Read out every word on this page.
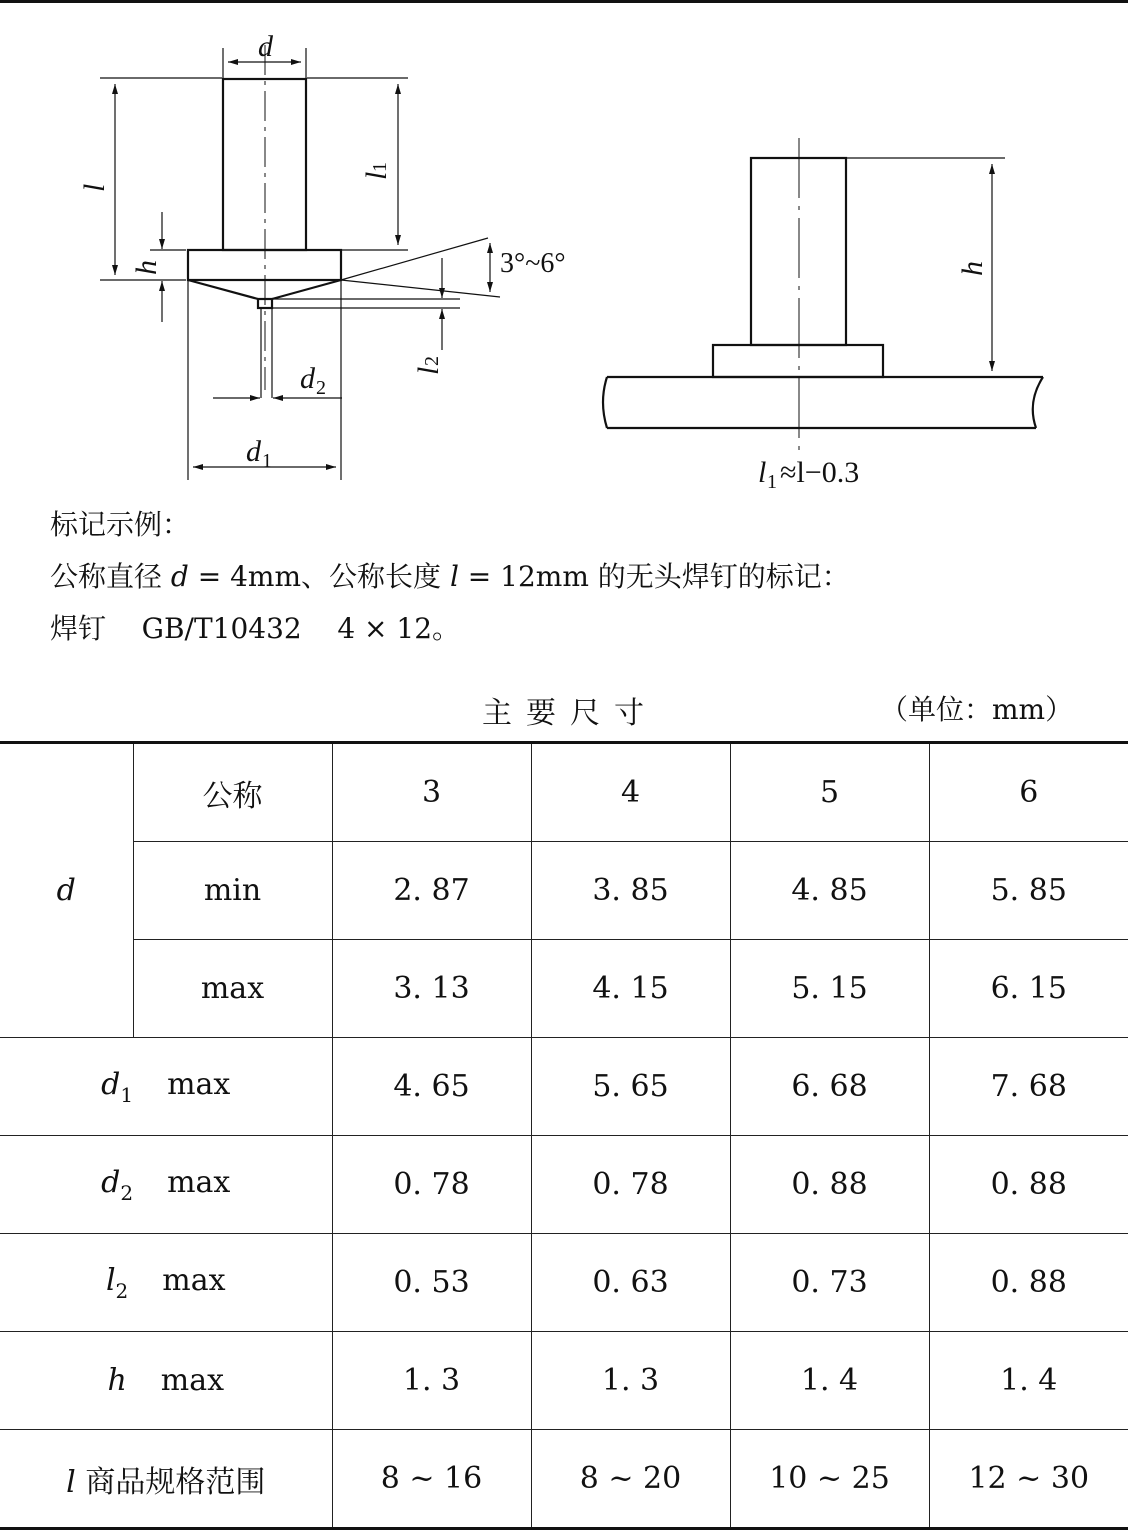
d
l
l
1
h	3°~6°
l
2
d 2
d 1
h
l 1 ≈l−0.3
标记示例：
公称直径 d = 4mm、公称长度 l = 12mm 的无头焊钉的标记：
焊钉    GB/T10432    4 × 12。
主要尺寸	（单位：mm）
d	公称	3	4	5	6
	min	2. 87	3. 85	4. 85	5. 85
	max	3. 13	4. 15	5. 15	6. 15
$d_1$ max		4. 65	5. 65	6. 68	7. 68
$d_2$ max		0. 78	0. 78	0. 88	0. 88
$l_2$ max		0. 53	0. 63	0. 73	0. 88
h max		1. 3	1. 3	1. 4	1. 4
l 商品规格范围		8 ~ 16	8 ~ 20	10 ~ 25	12 ~ 30
